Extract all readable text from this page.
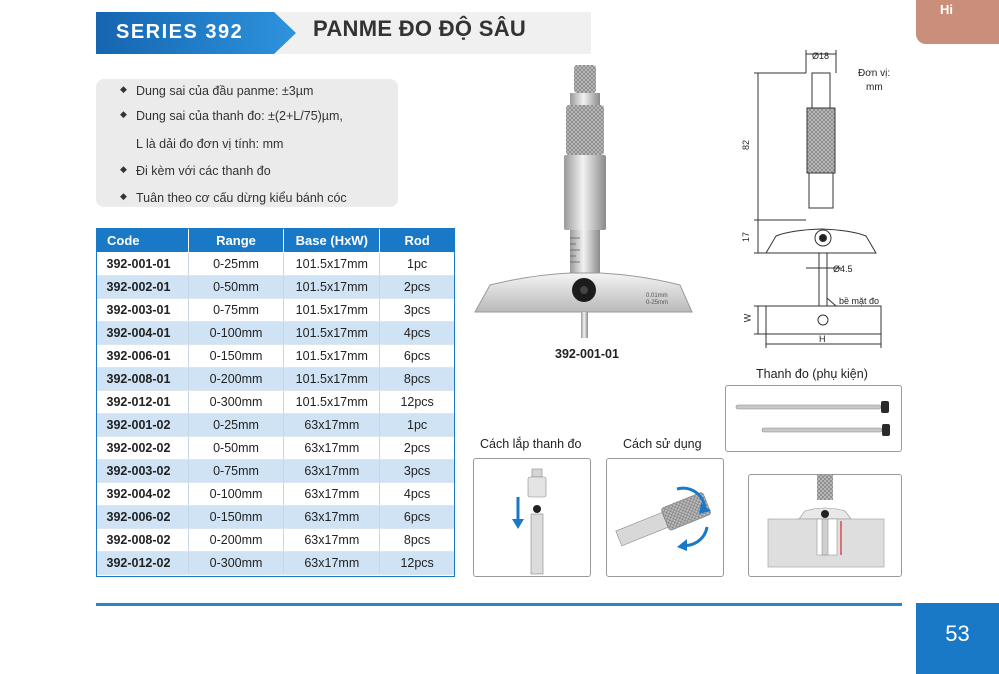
Hi
SERIES 392	PANME ĐO ĐỘ SÂU
◆ Dung sai của đầu panme: ±3µm
◆ Dung sai của thanh đo: ±(2+L/75)µm,
L là dải đo đơn vị tính: mm
◆ Đi kèm với các thanh đo
◆ Tuân theo cơ cấu dừng kiểu bánh cóc
Code	Range	Base (HxW)	Rod
392-001-01	0-25mm	101.5x17mm	1pc
392-002-01	0-50mm	101.5x17mm	2pcs
392-003-01	0-75mm	101.5x17mm	3pcs
392-004-01	0-100mm	101.5x17mm	4pcs
392-006-01	0-150mm	101.5x17mm	6pcs
392-008-01	0-200mm	101.5x17mm	8pcs
392-012-01	0-300mm	101.5x17mm	12pcs
392-001-02	0-25mm	63x17mm	1pc
392-002-02	0-50mm	63x17mm	2pcs
392-003-02	0-75mm	63x17mm	3pcs
392-004-02	0-100mm	63x17mm	4pcs
392-006-02	0-150mm	63x17mm	6pcs
392-008-02	0-200mm	63x17mm	8pcs
392-012-02	0-300mm	63x17mm	12pcs
0.01mm
0-25mm
392-001-01
Ø18
Đơn vị:
mm
82
17
Ø4.5
bề mặt đo
W
H
Thanh đo (phụ kiện)
Cách lắp thanh đo	Cách sử dụng
53
